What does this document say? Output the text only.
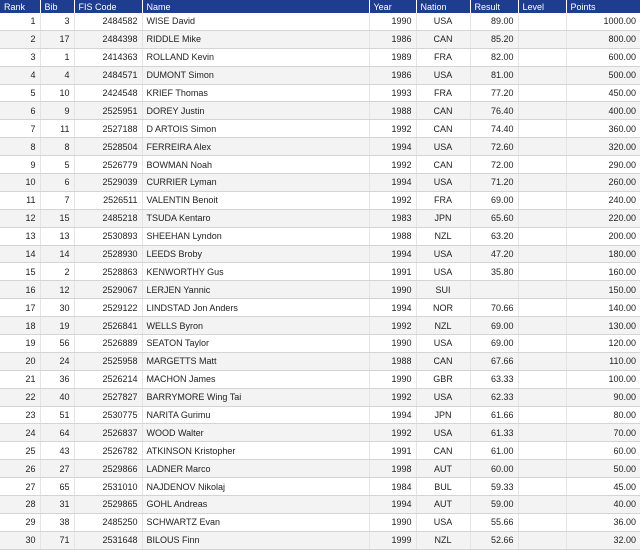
Rank	Bib	FIS Code	Name	Year	Nation	Result	Level	Points
1	3	2484582	WISE David	1990	USA	89.00		1000.00
2	17	2484398	RIDDLE Mike	1986	CAN	85.20		800.00
3	1	2414363	ROLLAND Kevin	1989	FRA	82.00		600.00
4	4	2484571	DUMONT Simon	1986	USA	81.00		500.00
5	10	2424548	KRIEF Thomas	1993	FRA	77.20		450.00
6	9	2525951	DOREY Justin	1988	CAN	76.40		400.00
7	11	2527188	D ARTOIS Simon	1992	CAN	74.40		360.00
8	8	2528504	FERREIRA Alex	1994	USA	72.60		320.00
9	5	2526779	BOWMAN Noah	1992	CAN	72.00		290.00
10	6	2529039	CURRIER Lyman	1994	USA	71.20		260.00
11	7	2526511	VALENTIN Benoit	1992	FRA	69.00		240.00
12	15	2485218	TSUDA Kentaro	1983	JPN	65.60		220.00
13	13	2530893	SHEEHAN Lyndon	1988	NZL	63.20		200.00
14	14	2528930	LEEDS Broby	1994	USA	47.20		180.00
15	2	2528863	KENWORTHY Gus	1991	USA	35.80		160.00
16	12	2529067	LERJEN Yannic	1990	SUI			150.00
17	30	2529122	LINDSTAD Jon Anders	1994	NOR	70.66		140.00
18	19	2526841	WELLS Byron	1992	NZL	69.00		130.00
19	56	2526889	SEATON Taylor	1990	USA	69.00		120.00
20	24	2525958	MARGETTS Matt	1988	CAN	67.66		110.00
21	36	2526214	MACHON James	1990	GBR	63.33		100.00
22	40	2527827	BARRYMORE Wing Tai	1992	USA	62.33		90.00
23	51	2530775	NARITA Gurimu	1994	JPN	61.66		80.00
24	64	2526837	WOOD Walter	1992	USA	61.33		70.00
25	43	2526782	ATKINSON Kristopher	1991	CAN	61.00		60.00
26	27	2529866	LADNER Marco	1998	AUT	60.00		50.00
27	65	2531010	NAJDENOV Nikolaj	1984	BUL	59.33		45.00
28	31	2529865	GOHL Andreas	1994	AUT	59.00		40.00
29	38	2485250	SCHWARTZ Evan	1990	USA	55.66		36.00
30	71	2531648	BILOUS Finn	1999	NZL	52.66		32.00
